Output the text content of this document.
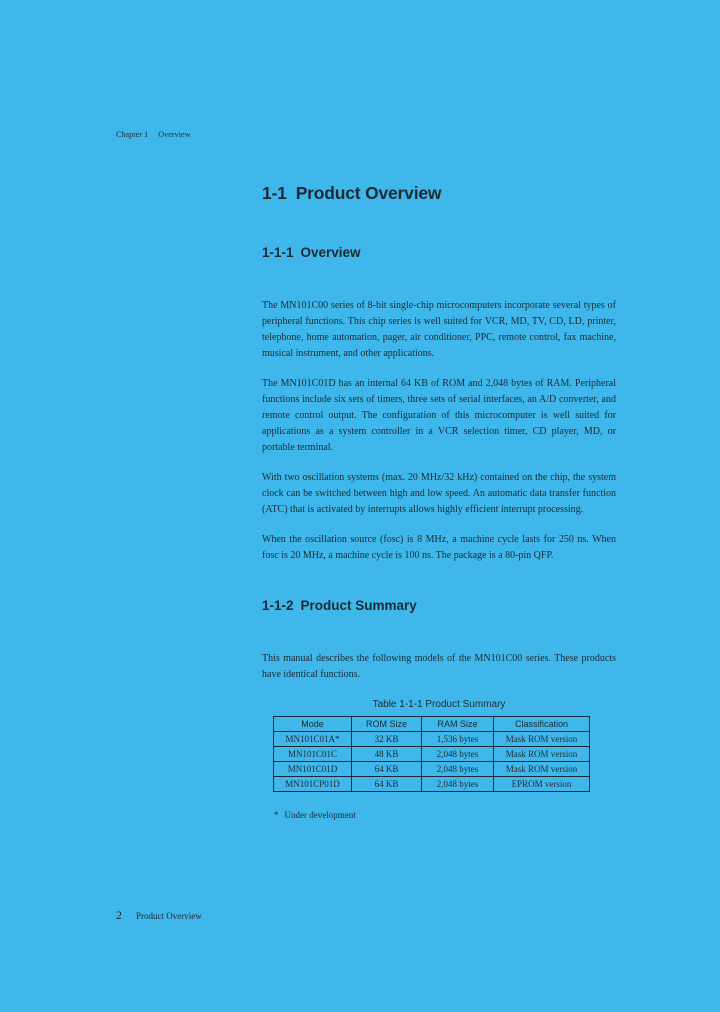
Chapter 1 Overview
1-1 Product Overview
1-1-1 Overview

The MN101C00 series of 8-bit single-chip microcomputers incorporate several types of peripheral functions. This chip series is well suited for VCR, MD, TV, CD, LD, printer, telephone, home automation, pager, air conditioner, PPC, remote control, fax machine, musical instrument, and other applications.

The MN101C01D has an internal 64 KB of ROM and 2,048 bytes of RAM. Peripheral functions include six sets of timers, three sets of serial interfaces, an A/D converter, and remote control output. The configuration of this microcomputer is well suited for applications as a system controller in a VCR selection timer, CD player, MD, or portable terminal.

With two oscillation systems (max. 20 MHz/32 kHz) contained on the chip, the system clock can be switched between high and low speed. An automatic data transfer function (ATC) that is activated by interrupts allows highly efficient interrupt processing.

When the oscillation source (fosc) is 8 MHz, a machine cycle lasts for 250 ns. When fosc is 20 MHz, a machine cycle is 100 ns. The package is a 80-pin QFP.

1-1-2 Product Summary

This manual describes the following models of the MN101C00 series. These products have identical functions.

Table 1-1-1 Product Summary
Mode	ROM Size	RAM Size	Classification
MN101C01A*	32 KB	1,536 bytes	Mask ROM version
MN101C01C	48 KB	2,048 bytes	Mask ROM version
MN101C01D	64 KB	2,048 bytes	Mask ROM version
MN101CP01D	64 KB	2,048 bytes	EPROM version
* Under development
2 Product Overview
